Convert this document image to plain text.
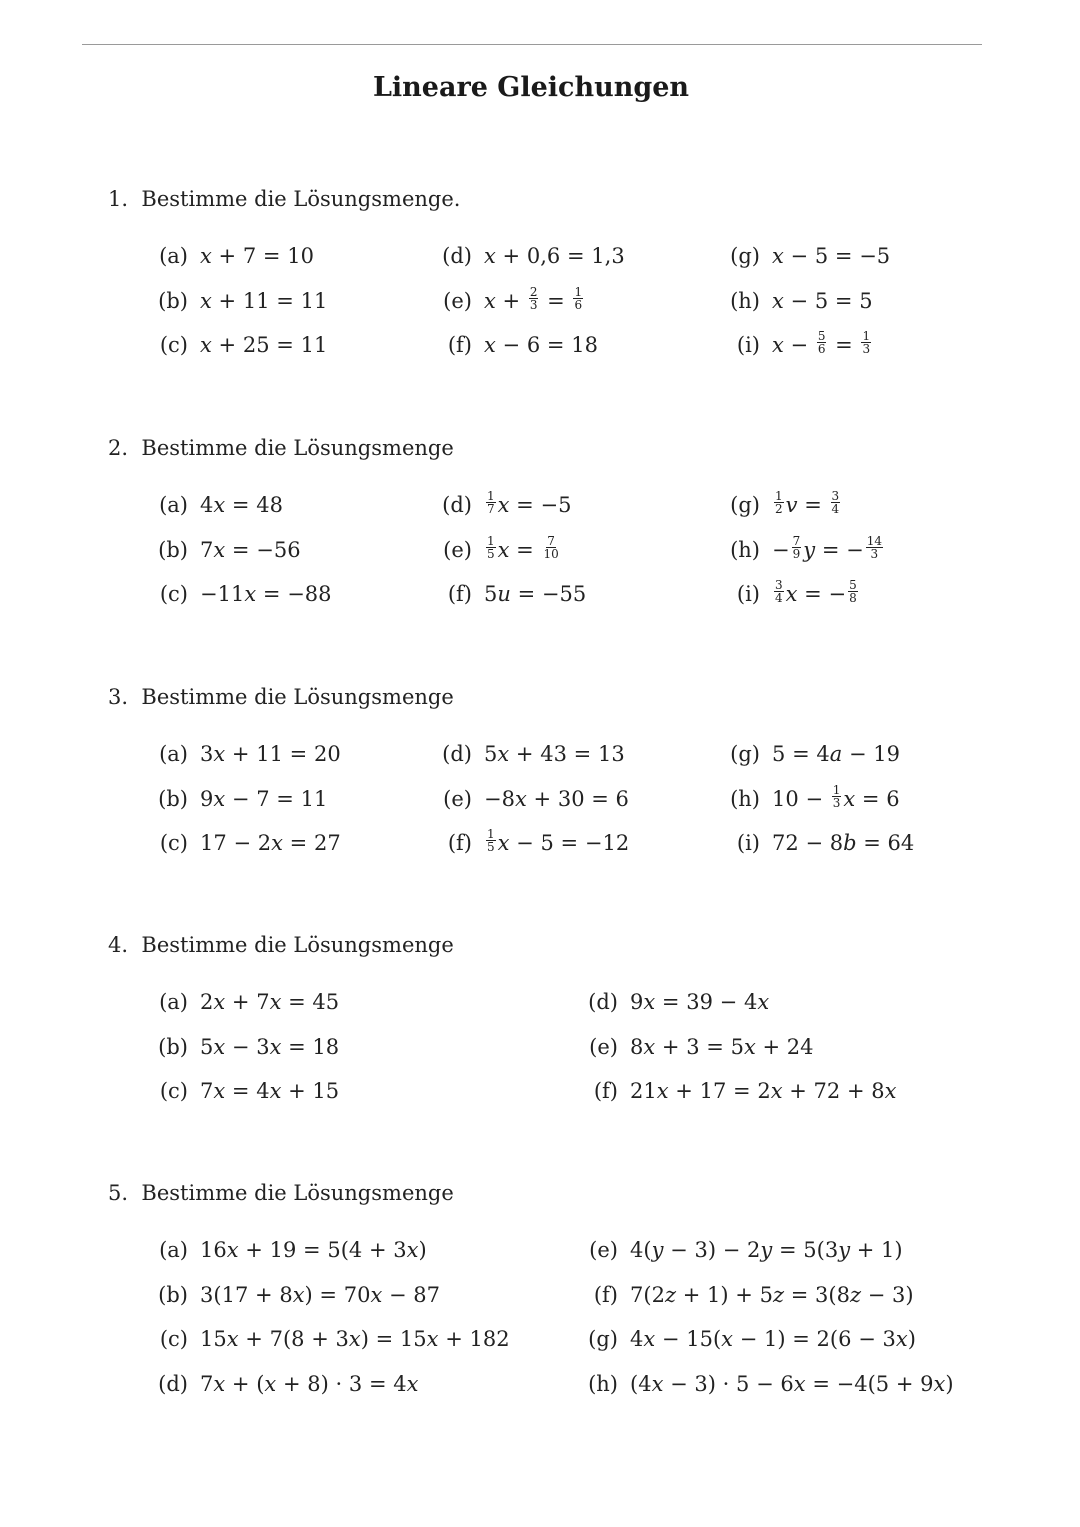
Lineare Gleichungen
1. Bestimme die Lösungsmenge.
(a) x + 7 = 10
(b) x + 11 = 11
(c) x + 25 = 11
(d) x + 0,6 = 1,3
(e) $x + \frac{2}{3} = \frac{1}{6}$
(f) x − 6 = 18
(g) x − 5 = −5
(h) x − 5 = 5
(i) $x - \frac{5}{6} = \frac{1}{3}$
2. Bestimme die Lösungsmenge
(a) 4x = 48
(b) 7x = −56
(c) −11x = −88
$(d) \frac{1}{7}$ x = −5
$(e) \frac{1}{5}$ $x = \frac{7}{10}$
(f) 5u = −55
$(g) \frac{1}{2}$ $v = \frac{3}{4}$
$(h) - \frac{7}{9}$ y = − $\frac{14}{3}$
$(i) \frac{3}{4}$ x = − $\frac{5}{8}$
3. Bestimme die Lösungsmenge
(a) 3x + 11 = 20
(b) 9x − 7 = 11
(c) 17 − 2x = 27
(d) 5x + 43 = 13
(e) −8x + 30 = 6
$(f) \frac{1}{5}$ x − 5 = −12
(g) 5 = 4a − 19
(h) $10 - \frac{1}{3}$ x = 6
(i) 72 − 8b = 64
4. Bestimme die Lösungsmenge
(a) 2x + 7x = 45
(b) 5x − 3x = 18
(c) 7x = 4x + 15
(d) 9x = 39 − 4x
(e) 8x + 3 = 5x + 24
(f) 21x + 17 = 2x + 72 + 8x
5. Bestimme die Lösungsmenge
(a) 16x + 19 = 5(4 + 3x)
(b) 3(17 + 8x) = 70x − 87
(c) 15x + 7(8 + 3x) = 15x + 182
(d) 7x + (x + 8) · 3 = 4x
(e) 4(y − 3) − 2y = 5(3y + 1)
(f) 7(2z + 1) + 5z = 3(8z − 3)
(g) 4x − 15(x − 1) = 2(6 − 3x)
(h) (4x − 3) · 5 − 6x = −4(5 + 9x)
